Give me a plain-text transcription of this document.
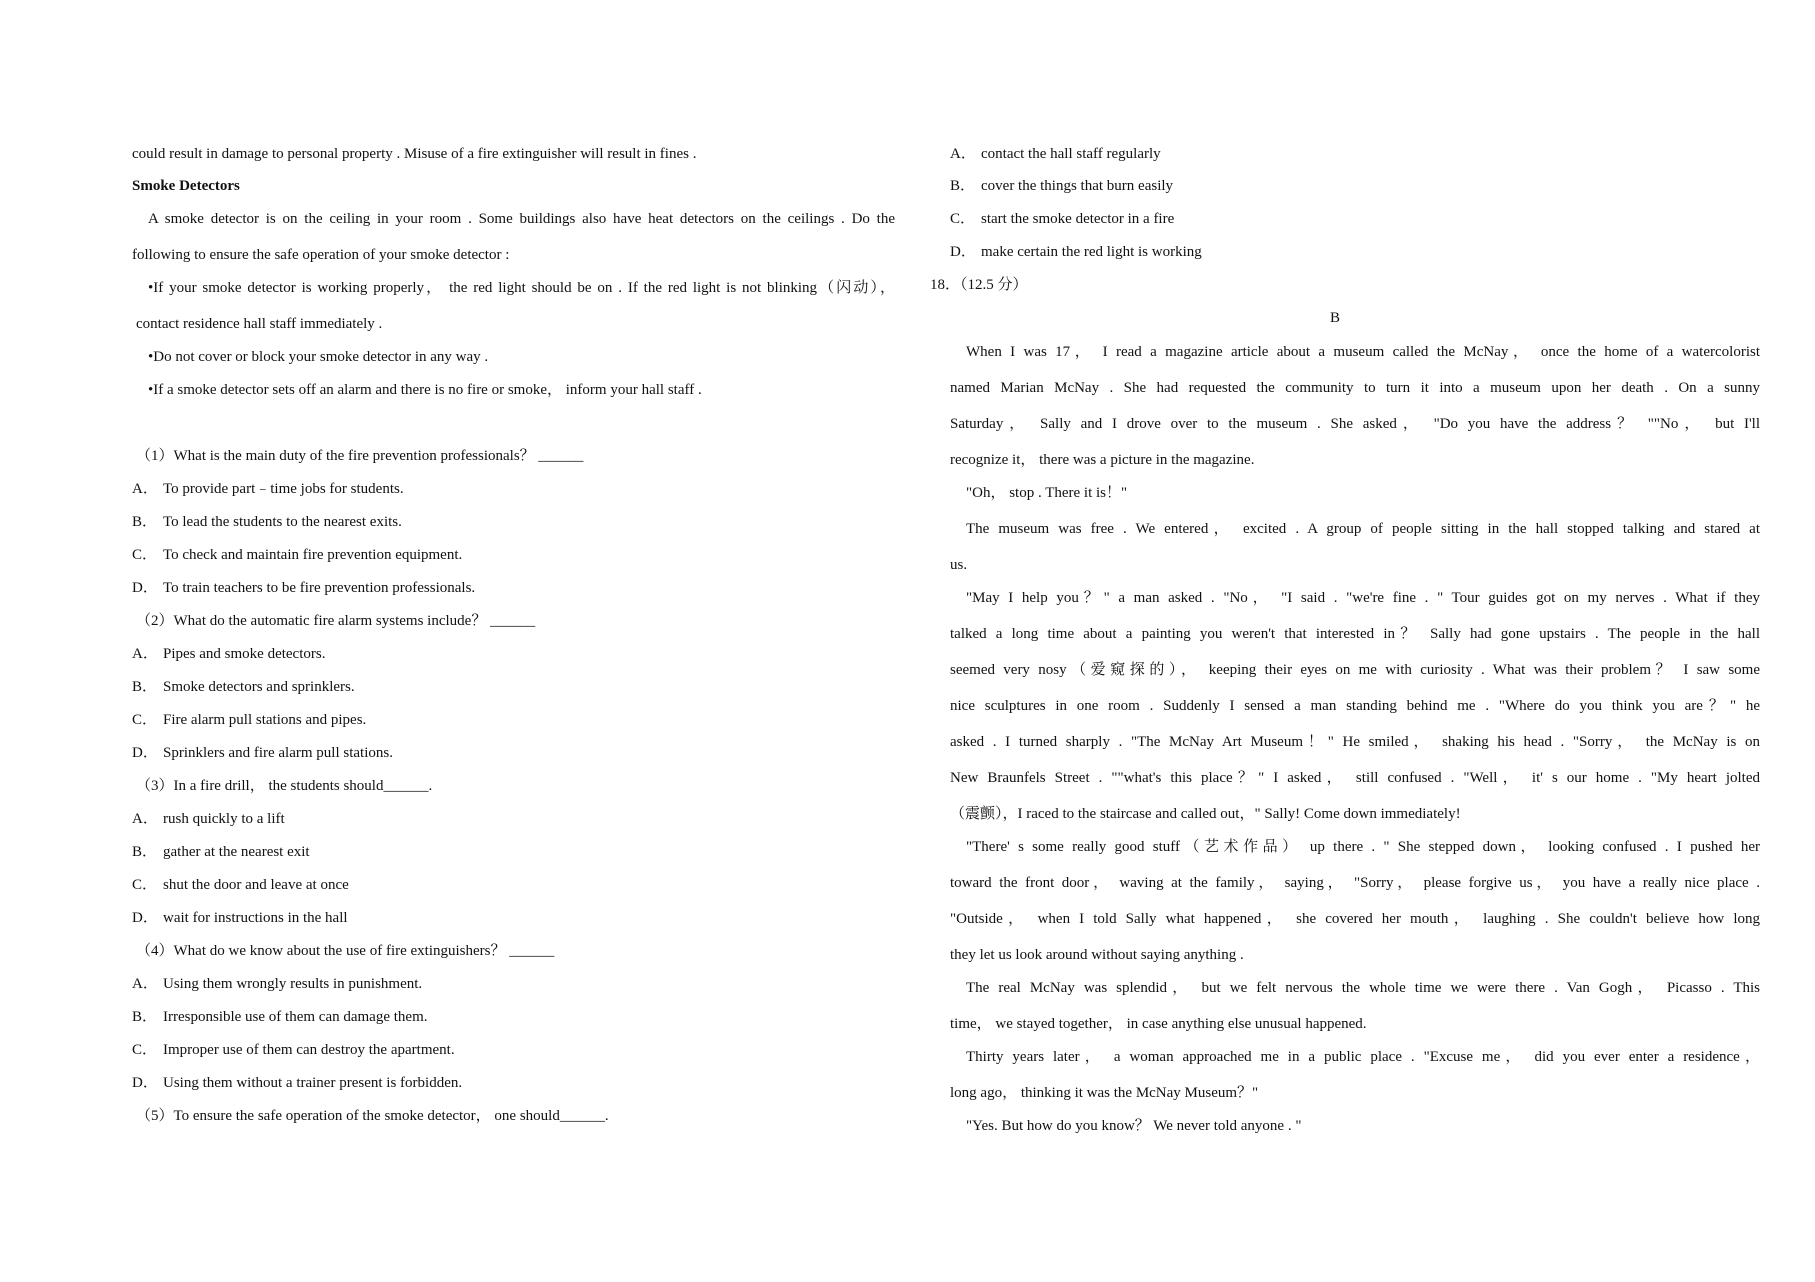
could result in damage to personal property . Misuse of a fire extinguisher will result in fines .
Smoke Detectors
A smoke detector is on the ceiling in your room . Some buildings also have heat detectors on the ceilings . Do the
following to ensure the safe operation of your smoke detector :
•If your smoke detector is working properly， the red light should be on . If the red light is not blinking（闪动），
contact residence hall staff immediately .
•Do not cover or block your smoke detector in any way .
•If a smoke detector sets off an alarm and there is no fire or smoke， inform your hall staff .
（1）What is the main duty of the fire prevention professionals？ ______
A． To provide part﹣time jobs for students.
B． To lead the students to the nearest exits.
C． To check and maintain fire prevention equipment.
D． To train teachers to be fire prevention professionals.
（2）What do the automatic fire alarm systems include？ ______
A． Pipes and smoke detectors.
B． Smoke detectors and sprinklers.
C． Fire alarm pull stations and pipes.
D． Sprinklers and fire alarm pull stations.
（3）In a fire drill， the students should______.
A． rush quickly to a lift
B． gather at the nearest exit
C． shut the door and leave at once
D． wait for instructions in the hall
（4）What do we know about the use of fire extinguishers？ ______
A． Using them wrongly results in punishment.
B． Irresponsible use of them can damage them.
C． Improper use of them can destroy the apartment.
D． Using them without a trainer present is forbidden.
（5）To ensure the safe operation of the smoke detector， one should______.
A． contact the hall staff regularly
B． cover the things that burn easily
C． start the smoke detector in a fire
D． make certain the red light is working
18．（12.5 分）
B
When I was 17， I read a magazine article about a museum called the McNay， once the home of a watercolorist
named Marian McNay . She had requested the community to turn it into a museum upon her death . On a sunny
Saturday， Sally and I drove over to the museum . She asked， "Do you have the address？ ""No， but I'll
recognize it， there was a picture in the magazine.
"Oh， stop . There it is！"
The museum was free . We entered， excited . A group of people sitting in the hall stopped talking and stared at
us.
"May I help you？" a man asked . "No， "I said . "we're fine . " Tour guides got on my nerves . What if they
talked a long time about a painting you weren't that interested in？ Sally had gone upstairs . The people in the hall
seemed very nosy（爱窥探的）， keeping their eyes on me with curiosity . What was their problem？ I saw some
nice sculptures in one room . Suddenly I sensed a man standing behind me . "Where do you think you are？" he
asked . I turned sharply . "The McNay Art Museum！" He smiled， shaking his head . "Sorry， the McNay is on
New Braunfels Street . ""what's this place？" I asked， still confused . "Well， it' s our home . "My heart jolted
（震颤），I raced to the staircase and called out，" Sally! Come down immediately!
"There' s some really good stuff（艺术作品） up there . " She stepped down， looking confused . I pushed her
toward the front door， waving at the family， saying， "Sorry， please forgive us， you have a really nice place .
"Outside， when I told Sally what happened， she covered her mouth， laughing . She couldn't believe how long
they let us look around without saying anything .
The real McNay was splendid， but we felt nervous the whole time we were there . Van Gogh， Picasso . This
time， we stayed together， in case anything else unusual happened.
Thirty years later， a woman approached me in a public place . "Excuse me， did you ever enter a residence，
long ago， thinking it was the McNay Museum？"
"Yes. But how do you know？ We never told anyone . "
